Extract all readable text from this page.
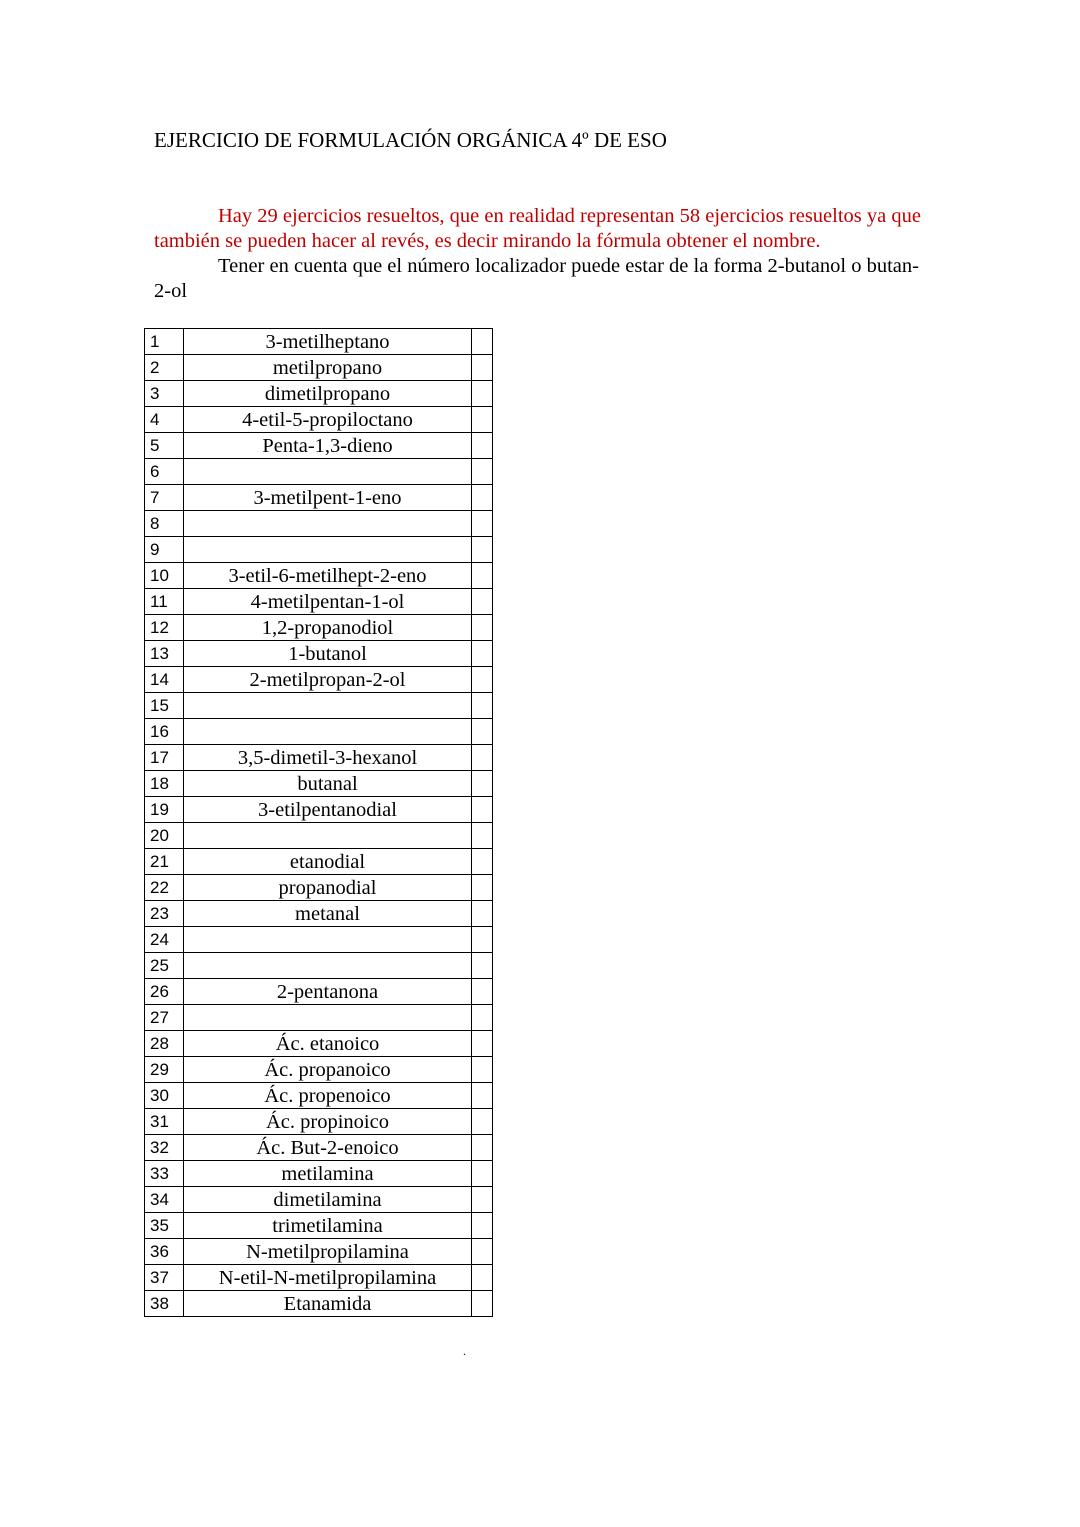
EJERCICIO DE FORMULACIÓN ORGÁNICA 4º DE ESO

Hay 29 ejercicios resueltos, que en realidad representan 58 ejercicios resueltos ya que también se pueden hacer al revés, es decir mirando la fórmula obtener el nombre.

Tener en cuenta que el número localizador puede estar de la forma 2-butanol o butan-2-ol

1	3-metilheptano	
2	metilpropano	
3	dimetilpropano	
4	4-etil-5-propiloctano	
5	Penta-1,3-dieno	
6		
7	3-metilpent-1-eno	
8		
9		
10	3-etil-6-metilhept-2-eno	
11	4-metilpentan-1-ol	
12	1,2-propanodiol	
13	1-butanol	
14	2-metilpropan-2-ol	
15		
16		
17	3,5-dimetil-3-hexanol	
18	butanal	
19	3-etilpentanodial	
20		
21	etanodial	
22	propanodial	
23	metanal	
24		
25		
26	2-pentanona	
27		
28	Ác. etanoico	
29	Ác. propanoico	
30	Ác. propenoico	
31	Ác. propinoico	
32	Ác. But-2-enoico	
33	metilamina	
34	dimetilamina	
35	trimetilamina	
36	N-metilpropilamina	
37	N-etil-N-metilpropilamina	
38	Etanamida	
.
